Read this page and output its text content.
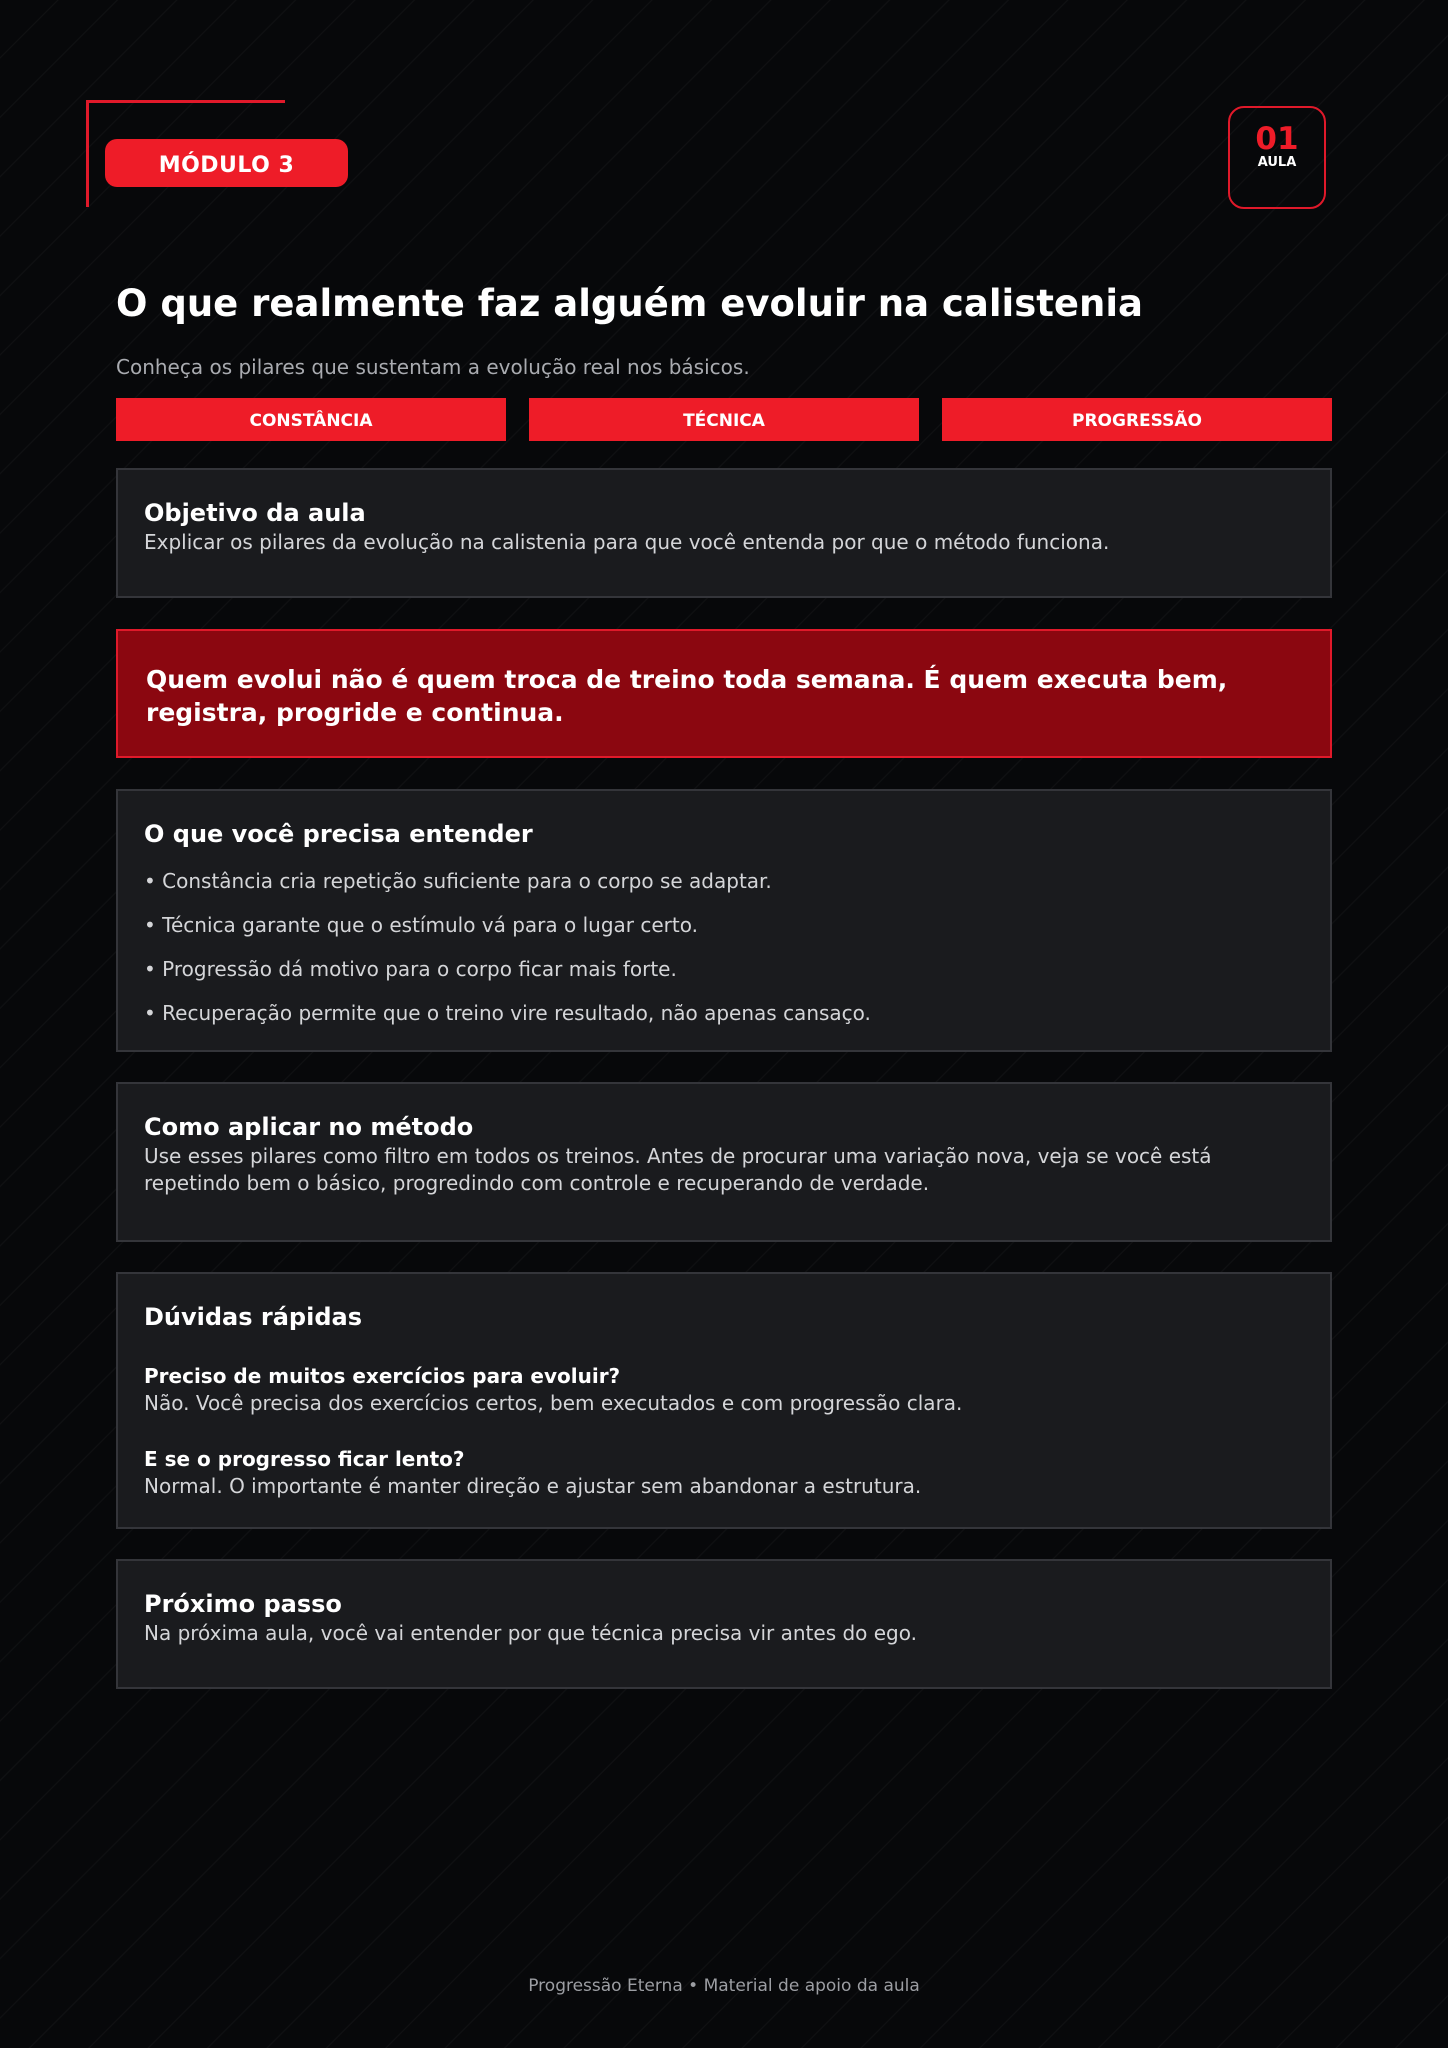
MÓDULO 3
01
AULA
O que realmente faz alguém evoluir na calistenia

Conheça os pilares que sustentam a evolução real nos básicos.

CONSTÂNCIA	TÉCNICA	PROGRESSÃO
Objetivo da aula

Explicar os pilares da evolução na calistenia para que você entenda por que o método funciona.

Quem evolui não é quem troca de treino toda semana. É quem executa bem, registra, progride e continua.

O que você precisa entender
• Constância cria repetição suficiente para o corpo se adaptar.
• Técnica garante que o estímulo vá para o lugar certo.
• Progressão dá motivo para o corpo ficar mais forte.
• Recuperação permite que o treino vire resultado, não apenas cansaço.
Como aplicar no método

Use esses pilares como filtro em todos os treinos. Antes de procurar uma variação nova, veja se você está repetindo bem o básico, progredindo com controle e recuperando de verdade.

Dúvidas rápidas

Preciso de muitos exercícios para evoluir?

Não. Você precisa dos exercícios certos, bem executados e com progressão clara.

E se o progresso ficar lento?

Normal. O importante é manter direção e ajustar sem abandonar a estrutura.

Próximo passo

Na próxima aula, você vai entender por que técnica precisa vir antes do ego.

Progressão Eterna • Material de apoio da aula
